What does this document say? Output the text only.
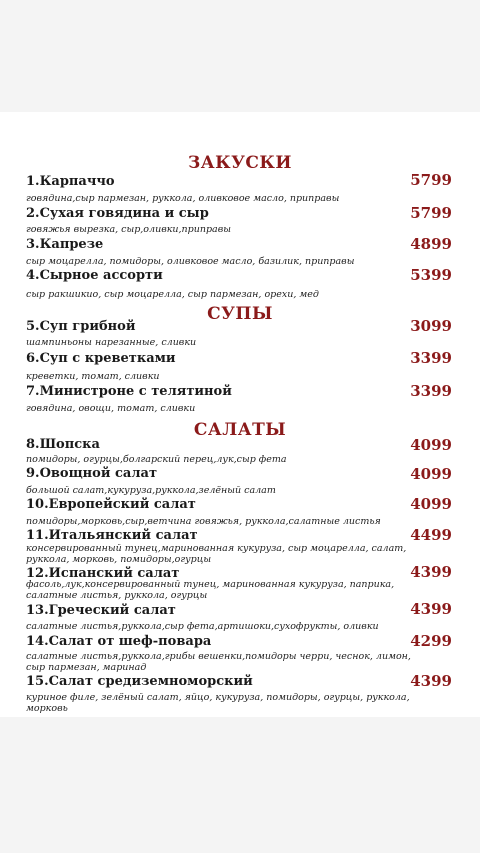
ЗАКУСКИ
1.Карпаччо	5799
говядина,сыр пармезан, руккола, оливковое масло, приправы
2.Сухая говядина и сыр	5799
говяжья вырезка, сыр,оливки,приправы
3.Капрезе	4899
сыр моцарелла, помидоры, оливковое масло, базилик, приправы
4.Сырное ассорти	5399
сыр ракшикио, сыр моцарелла, сыр пармезан, орехи, мед
СУПЫ
5.Суп грибной	3099
шампиньоны нарезанные, сливки
6.Суп с креветками	3399
креветки, томат, сливки
7.Министроне с телятиной	3399
говядина, овощи, томат, сливки
САЛАТЫ
8.Шопска	4099
помидоры, огурцы,болгарский перец,лук,сыр фета
9.Овощной салат	4099
большой салат,кукуруза,руккола,зелёный салат
10.Европейский салат	4099
помидоры,морковь,сыр,ветчина говяжья, руккола,салатные листья
11.Итальянский салат	4499
консервированный тунец,маринованная кукуруза, сыр моцарелла, салат, руккола, морковь, помидоры,огурцы
12.Испанский салат	4399
фасоль,лук,консервированный тунец, маринованная кукуруза, паприка, салатные листья, руккола, огурцы
13.Греческий салат	4399
салатные листья,руккола,сыр фета,артишоки,сухофрукты, оливки
14.Салат от шеф-повара	4299
салатные листья,руккола,грибы вешенки,помидоры черри, чеснок, лимон, сыр пармезан, маринад
15.Салат средиземноморский	4399
куриное филе, зелёный салат, яйцо, кукуруза, помидоры, огурцы, руккола, морковь
